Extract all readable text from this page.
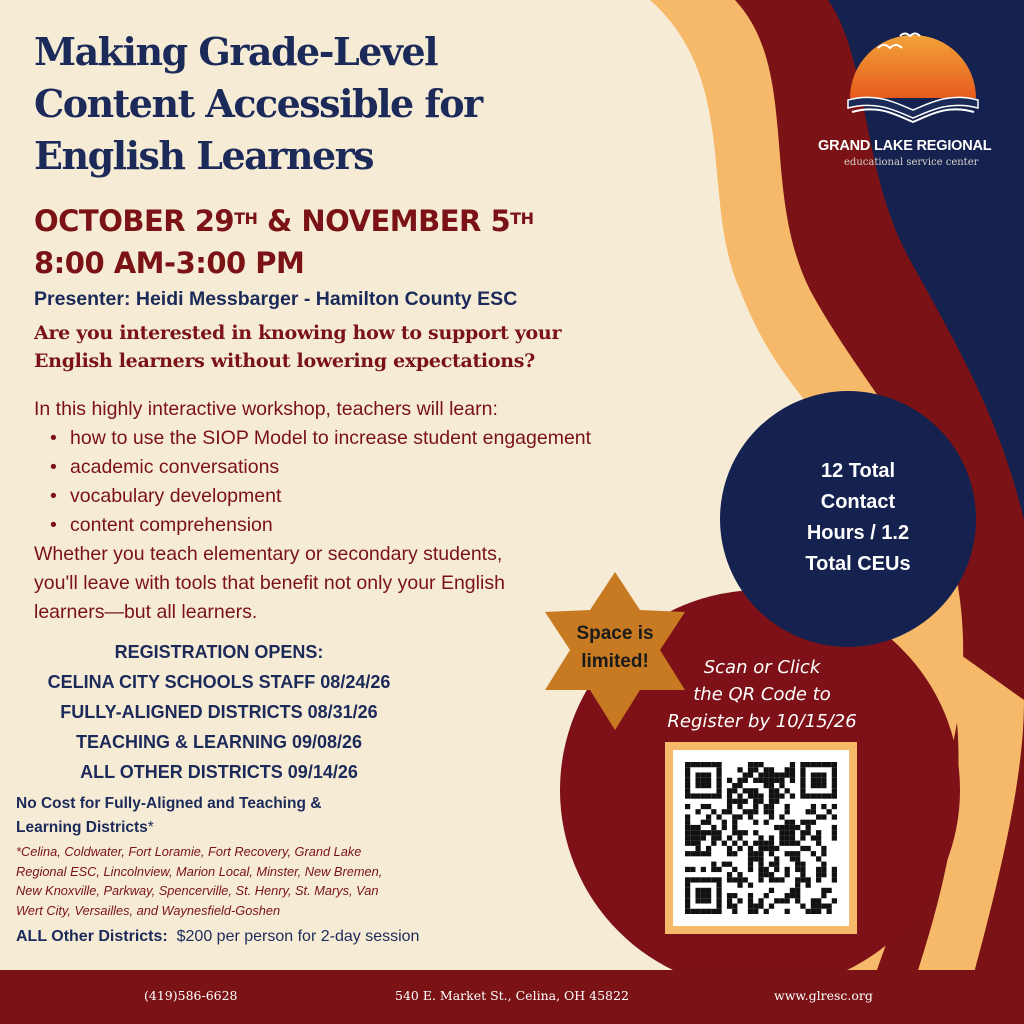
GRAND LAKE REGIONAL
educational service center
Making Grade-Level
Content Accessible for
English Learners
OCTOBER 29TH & NOVEMBER 5TH
8:00 AM-3:00 PM
Presenter: Heidi Messbarger - Hamilton County ESC
Are you interested in knowing how to support your
English learners without lowering expectations?
In this highly interactive workshop, teachers will learn:
• how to use the SIOP Model to increase student engagement
• academic conversations
• vocabulary development
• content comprehension
Whether you teach elementary or secondary students,
you'll leave with tools that benefit not only your English
learners—but all learners.
REGISTRATION OPENS:
CELINA CITY SCHOOLS STAFF 08/24/26
FULLY-ALIGNED DISTRICTS 08/31/26
TEACHING & LEARNING 09/08/26
ALL OTHER DISTRICTS 09/14/26
No Cost for Fully-Aligned and Teaching &
Learning Districts*
*Celina, Coldwater, Fort Loramie, Fort Recovery, Grand Lake
Regional ESC, Lincolnview, Marion Local, Minster, New Bremen,
New Knoxville, Parkway, Spencerville, St. Henry, St. Marys, Van
Wert City, Versailles, and Waynesfield-Goshen
ALL Other Districts:  $200 per person for 2-day session
12 Total
Contact
Hours / 1.2
Total CEUs
Space is
limited!	Scan or Click
the QR Code to
Register by 10/15/26
(419)586-6628	540 E. Market St., Celina, OH 45822	www.glresc.org
